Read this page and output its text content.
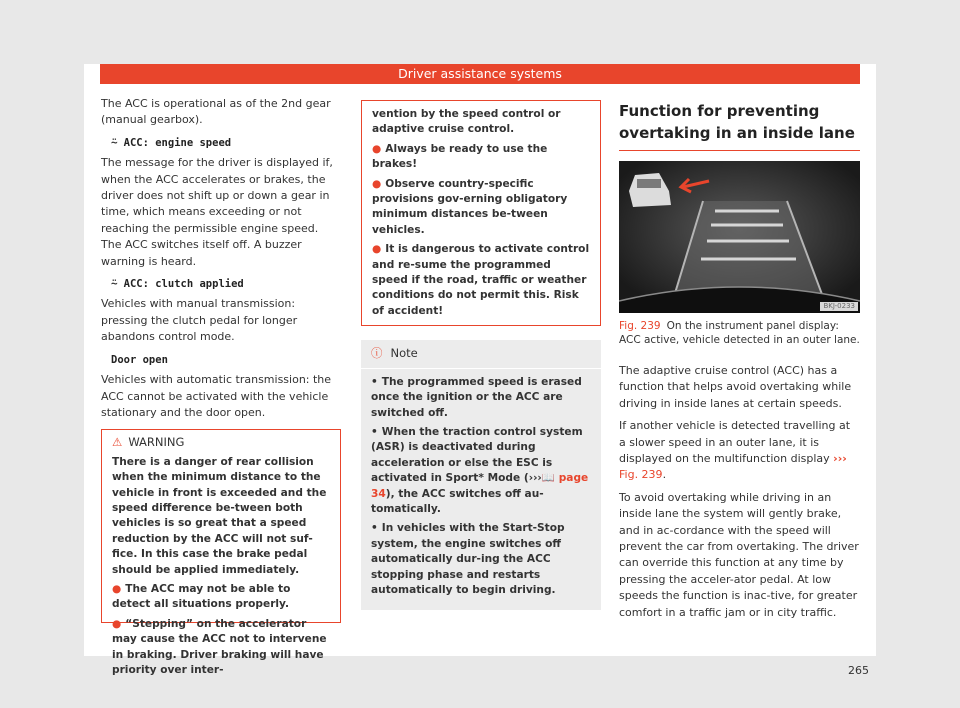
Driver assistance systems

The ACC is operational as of the 2nd gear (manual gearbox).

⍨ ACC: engine speed

The message for the driver is displayed if, when the ACC accelerates or brakes, the driver does not shift up or down a gear in time, which means exceeding or not reaching the permissible engine speed. The ACC switches itself off. A buzzer warning is heard.

⍨ ACC: clutch applied

Vehicles with manual transmission: pressing the clutch pedal for longer abandons control mode.

Door open

Vehicles with automatic transmission: the ACC cannot be activated with the vehicle stationary and the door open.

⚠ WARNING

There is a danger of rear collision when the minimum distance to the vehicle in front is exceeded and the speed difference be-tween both vehicles is so great that a speed reduction by the ACC will not suf-fice. In this case the brake pedal should be applied immediately.

● The ACC may not be able to detect all situations properly.

● “Stepping” on the accelerator may cause the ACC not to intervene in braking. Driver braking will have priority over inter-

vention by the speed control or adaptive cruise control.

● Always be ready to use the brakes!

● Observe country-specific provisions gov-erning obligatory minimum distances be-tween vehicles.

● It is dangerous to activate control and re-sume the programmed speed if the road, traffic or weather conditions do not permit this. Risk of accident!

ⓘ Note

• The programmed speed is erased once the ignition or the ACC are switched off.

• When the traction control system (ASR) is deactivated during acceleration or else the ESC is activated in Sport* Mode (›››📖 page 34), the ACC switches off au-tomatically.

• In vehicles with the Start-Stop system, the engine switches off automatically dur-ing the ACC stopping phase and restarts automatically to begin driving.

Function for preventing overtaking in an inside lane
BKJ-0233

Fig. 239 On the instrument panel display: ACC active, vehicle detected in an outer lane.

The adaptive cruise control (ACC) has a function that helps avoid overtaking while driving in inside lanes at certain speeds.

If another vehicle is detected travelling at a slower speed in an outer lane, it is displayed on the multifunction display ››› Fig. 239.

To avoid overtaking while driving in an inside lane the system will gently brake, and in ac-cordance with the speed will prevent the car from overtaking. The driver can override this function at any time by pressing the acceler-ator pedal. At low speeds the function is inac-tive, for greater comfort in a traffic jam or in city traffic.

265
